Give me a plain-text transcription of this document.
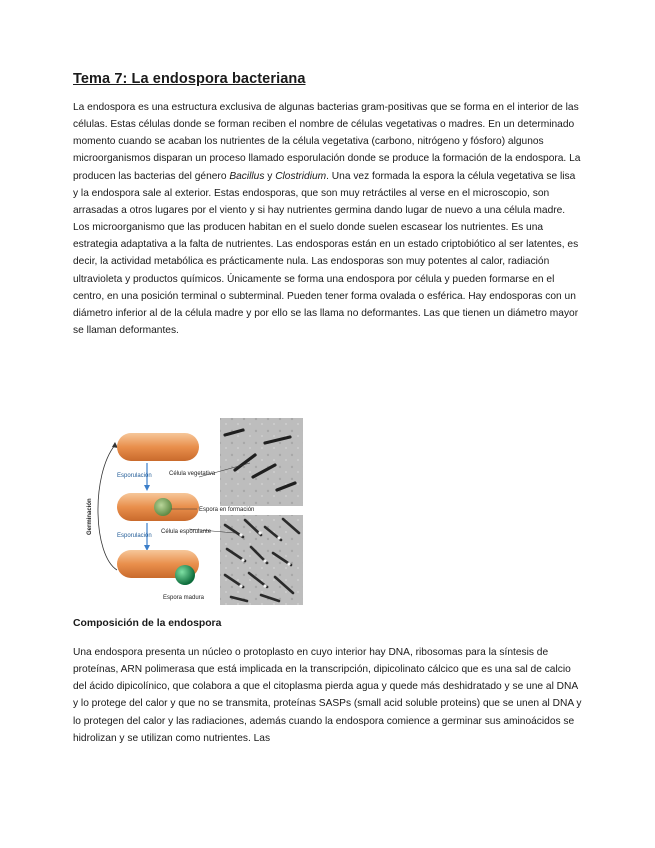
Tema 7: La endospora bacteriana

La endospora es una estructura exclusiva de algunas bacterias gram-positivas que se forma en el interior de las células. Estas células donde se forman reciben el nombre de células vegetativas o madres. En un determinado momento cuando se acaban los nutrientes de la célula vegetativa (carbono, nitrógeno y fósforo) algunos microorganismos disparan un proceso llamado esporulación donde se produce la formación de la endospora. La producen las bacterias del género Bacillus y Clostridium. Una vez formada la espora la célula vegetativa se lisa y la endospora sale al exterior. Estas endosporas, que son muy retráctiles al verse en el microscopio, son arrasadas a otros lugares por el viento y si hay nutrientes germina dando lugar de nuevo a una célula madre. Los microorganismo que las producen habitan en el suelo donde suelen escasear los nutrientes. Es una estrategia adaptativa a la falta de nutrientes. Las endosporas están en un estado criptobiótico al ser latentes, es decir, la actividad metabólica es prácticamente nula. Las endosporas son muy potentes al calor, radiación ultravioleta y productos químicos. Únicamente se forma una endospora por célula y pueden formarse en el centro, en una posición terminal o subterminal. Pueden tener forma ovalada o esférica. Hay endosporas con un diámetro inferior al de la célula madre y por ello se las llama no deformantes. Las que tienen un diámetro mayor se llaman deformantes.

Germinación
Esporulación
Esporulación
Célula vegetativa
Espora en formación
Célula esporulante
Espora madura
Composición de la endospora

Una endospora presenta un núcleo o protoplasto en cuyo interior hay DNA, ribosomas para la síntesis de proteínas, ARN polimerasa que está implicada en la transcripción, dipicolinato cálcico que es una sal de calcio del ácido dipicolínico, que colabora a que el citoplasma pierda agua y quede más deshidratado y se une al DNA y lo protege del calor y que no se transmita, proteínas SASPs (small acid soluble proteins) que se unen al DNA y lo protegen del calor y las radiaciones, además cuando la endospora comience a germinar sus aminoácidos se hidrolizan y se utilizan como nutrientes. Las
